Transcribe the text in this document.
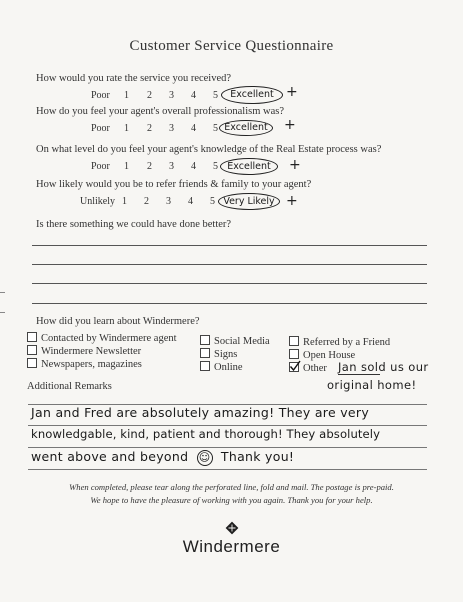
Customer Service Questionnaire
How would you rate the service you received?
Poor 1 2 3 4 5	Excellent +
How do you feel your agent's overall professionalism was?
Poor 1 2 3 4 5 Excellent	+
On what level do you feel your agent's knowledge of the Real Estate process was?
Poor 1 2 3 4 5 Excellent	+
How likely would you be to refer friends & family to your agent?
Unlikely 1 2 3 4 5 Very Likely +
Is there something we could have done better?
How did you learn about Windermere?
Contacted by Windermere agent
Windermere Newsletter
Newspapers, magazines
Social Media
Signs
Online
Referred by a Friend
Open House
Other Jan sold us our
original home!
Additional Remarks
Jan and Fred are absolutely amazing! They are very
knowledgable, kind, patient and thorough! They absolutely
went above and beyond ☺ Thank you!
When completed, please tear along the perforated line, fold and mail. The postage is pre-paid.
We hope to have the pleasure of working with you again. Thank you for your help.
Windermere
